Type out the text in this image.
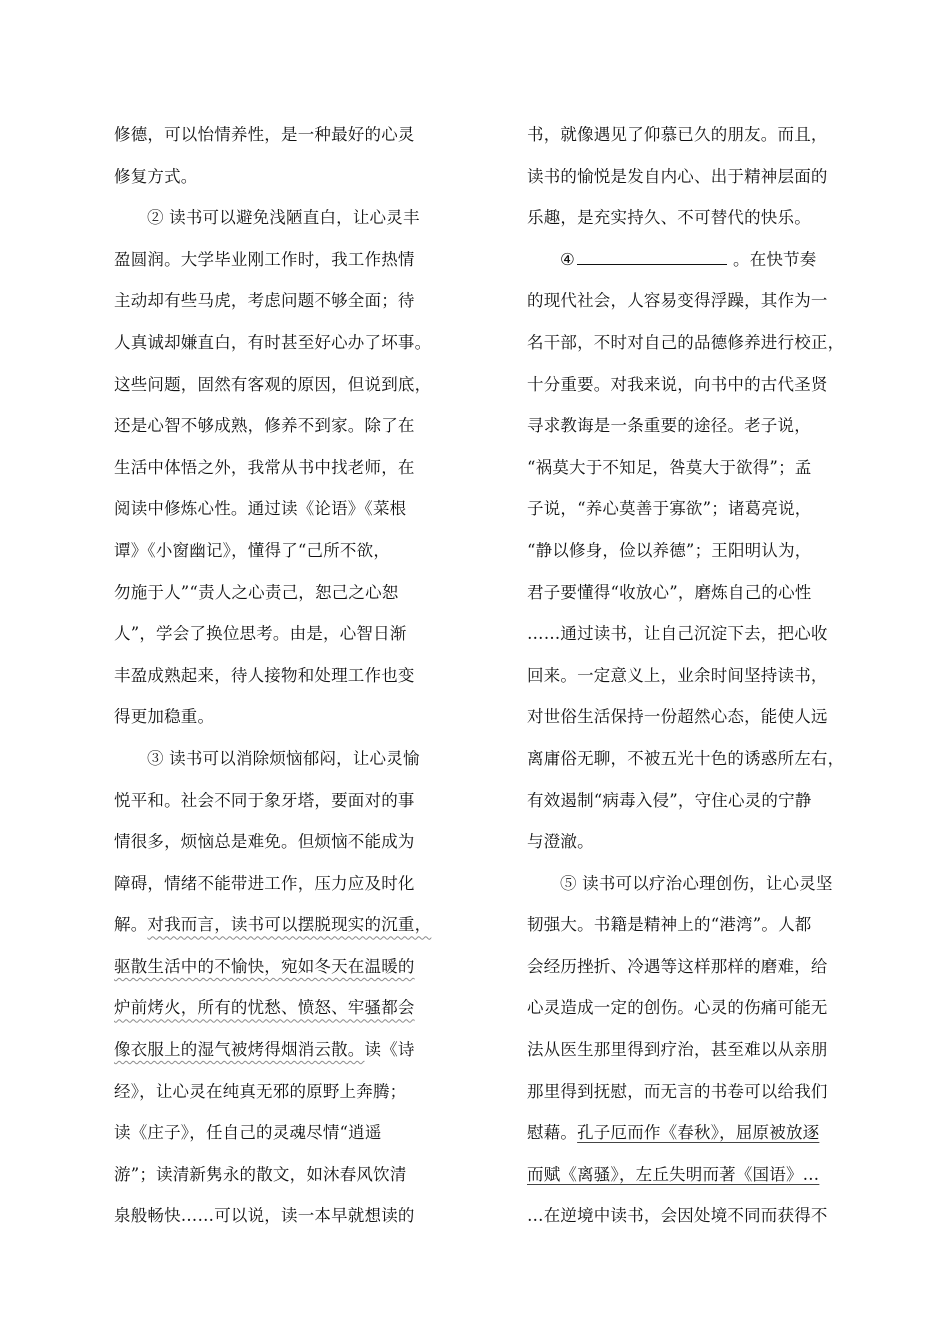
修德，可以怡情养性，是一种最好的心灵
修复方式。
② 读书可以避免浅陋直白，让心灵丰
盈圆润。大学毕业刚工作时，我工作热情
主动却有些马虎，考虑问题不够全面；待
人真诚却嫌直白，有时甚至好心办了坏事。
这些问题，固然有客观的原因，但说到底，
还是心智不够成熟，修养不到家。除了在
生活中体悟之外，我常从书中找老师，在
阅读中修炼心性。通过读《论语》《菜根
谭》《小窗幽记》，懂得了“己所不欲，
勿施于人”“责人之心责己，恕己之心恕
人”，学会了换位思考。由是，心智日渐
丰盈成熟起来，待人接物和处理工作也变
得更加稳重。
③ 读书可以消除烦恼郁闷，让心灵愉
悦平和。社会不同于象牙塔，要面对的事
情很多，烦恼总是难免。但烦恼不能成为
障碍，情绪不能带进工作，压力应及时化
解。对我而言，读书可以摆脱现实的沉重，
驱散生活中的不愉快，宛如冬天在温暖的
炉前烤火，所有的忧愁、愤怒、牢骚都会
像衣服上的湿气被烤得烟消云散。读《诗
经》，让心灵在纯真无邪的原野上奔腾；
读《庄子》，任自己的灵魂尽情“逍遥
游”；读清新隽永的散文，如沐春风饮清
泉般畅快……可以说，读一本早就想读的
书，就像遇见了仰慕已久的朋友。而且，
读书的愉悦是发自内心、出于精神层面的
乐趣，是充实持久、不可替代的快乐。
④	。在快节奏
的现代社会，人容易变得浮躁，其作为一
名干部，不时对自己的品德修养进行校正，
十分重要。对我来说，向书中的古代圣贤
寻求教诲是一条重要的途径。老子说，
“祸莫大于不知足，咎莫大于欲得”；孟
子说，“养心莫善于寡欲”；诸葛亮说，
“静以修身，俭以养德”；王阳明认为，
君子要懂得“收放心”，磨炼自己的心性
……通过读书，让自己沉淀下去，把心收
回来。一定意义上，业余时间坚持读书，
对世俗生活保持一份超然心态，能使人远
离庸俗无聊，不被五光十色的诱惑所左右，
有效遏制“病毒入侵”，守住心灵的宁静
与澄澈。
⑤ 读书可以疗治心理创伤，让心灵坚
韧强大。书籍是精神上的“港湾”。人都
会经历挫折、冷遇等这样那样的磨难，给
心灵造成一定的创伤。心灵的伤痛可能无
法从医生那里得到疗治，甚至难以从亲朋
那里得到抚慰，而无言的书卷可以给我们
慰藉。孔子厄而作《春秋》，屈原被放逐
而赋《离骚》，左丘失明而著《国语》…
…在逆境中读书，会因处境不同而获得不
